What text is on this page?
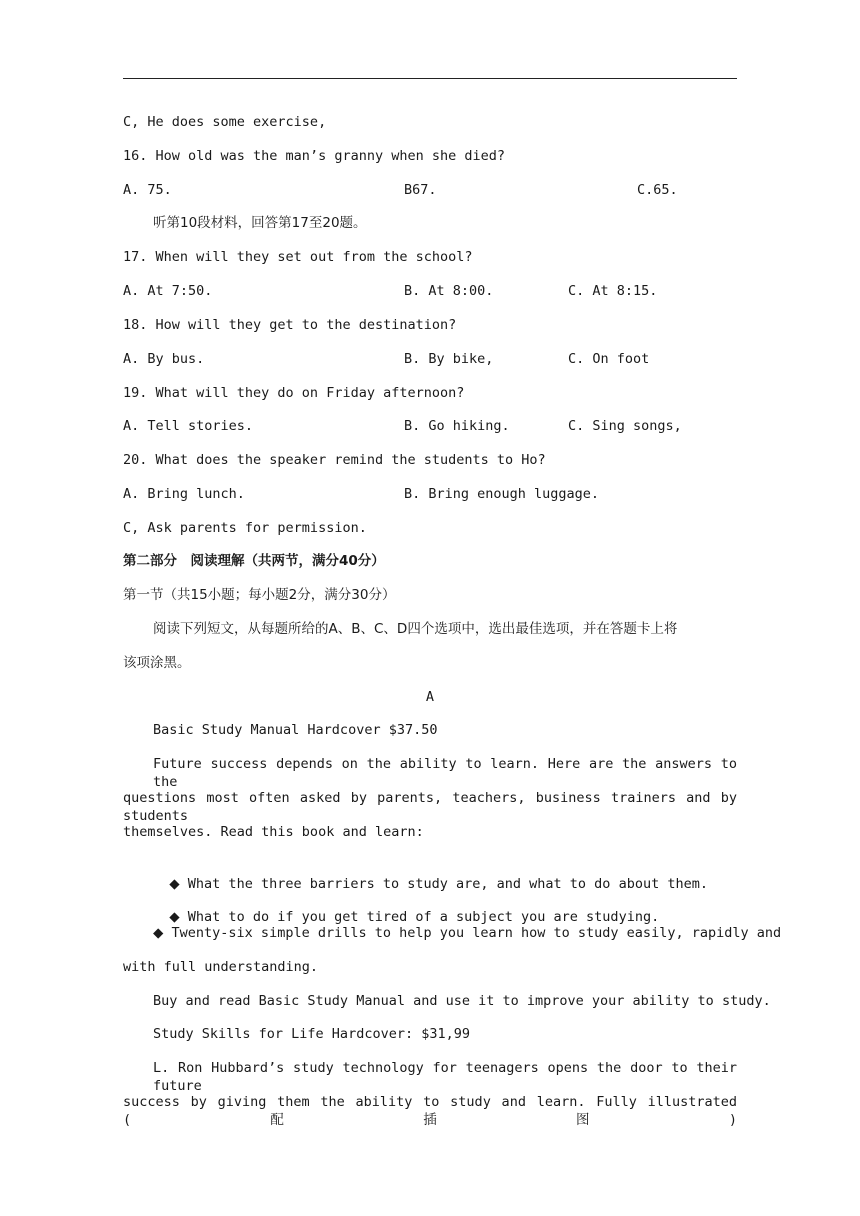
C, He does some exercise,
16. How old was the man’s granny when she died?
A. 75.	B67.	C.65.
听第10段材料，回答第17至20题。
17. When will they set out from the school?
A. At 7:50.	B. At 8:00.	C. At 8:15.
18. How will they get to the destination?
A. By bus.	B. By bike,	C. On foot
19. What will they do on Friday afternoon?
A. Tell stories.	B. Go hiking.	C. Sing songs,
20. What does the speaker remind the students to Ho?
A. Bring lunch.	B. Bring enough luggage.
C, Ask parents for permission.
第二部分　阅读理解（共两节，满分40分）
第一节（共15小题；每小题2分，满分30分）
阅读下列短文，从每题所给的A、B、C、D四个选项中，选出最佳选项，并在答题卡上将
该项涂黑。
A
Basic Study Manual Hardcover $37.50
Future success depends on the ability to learn. Here are the answers to the
questions most often asked by parents, teachers, business trainers and by students
themselves. Read this book and learn:

◆ What the three barriers to study are, and what to do about them.

◆ What to do if you get tired of a subject you are studying.

◆ Twenty-six simple drills to help you learn how to study easily, rapidly and
with full understanding.
Buy and read Basic Study Manual and use it to improve your ability to study.
Study Skills for Life Hardcover: $31,99
L. Ron Hubbard’s study technology for teenagers opens the door to their future
success by giving them the ability to study and learn. Fully illustrated (配插图)
